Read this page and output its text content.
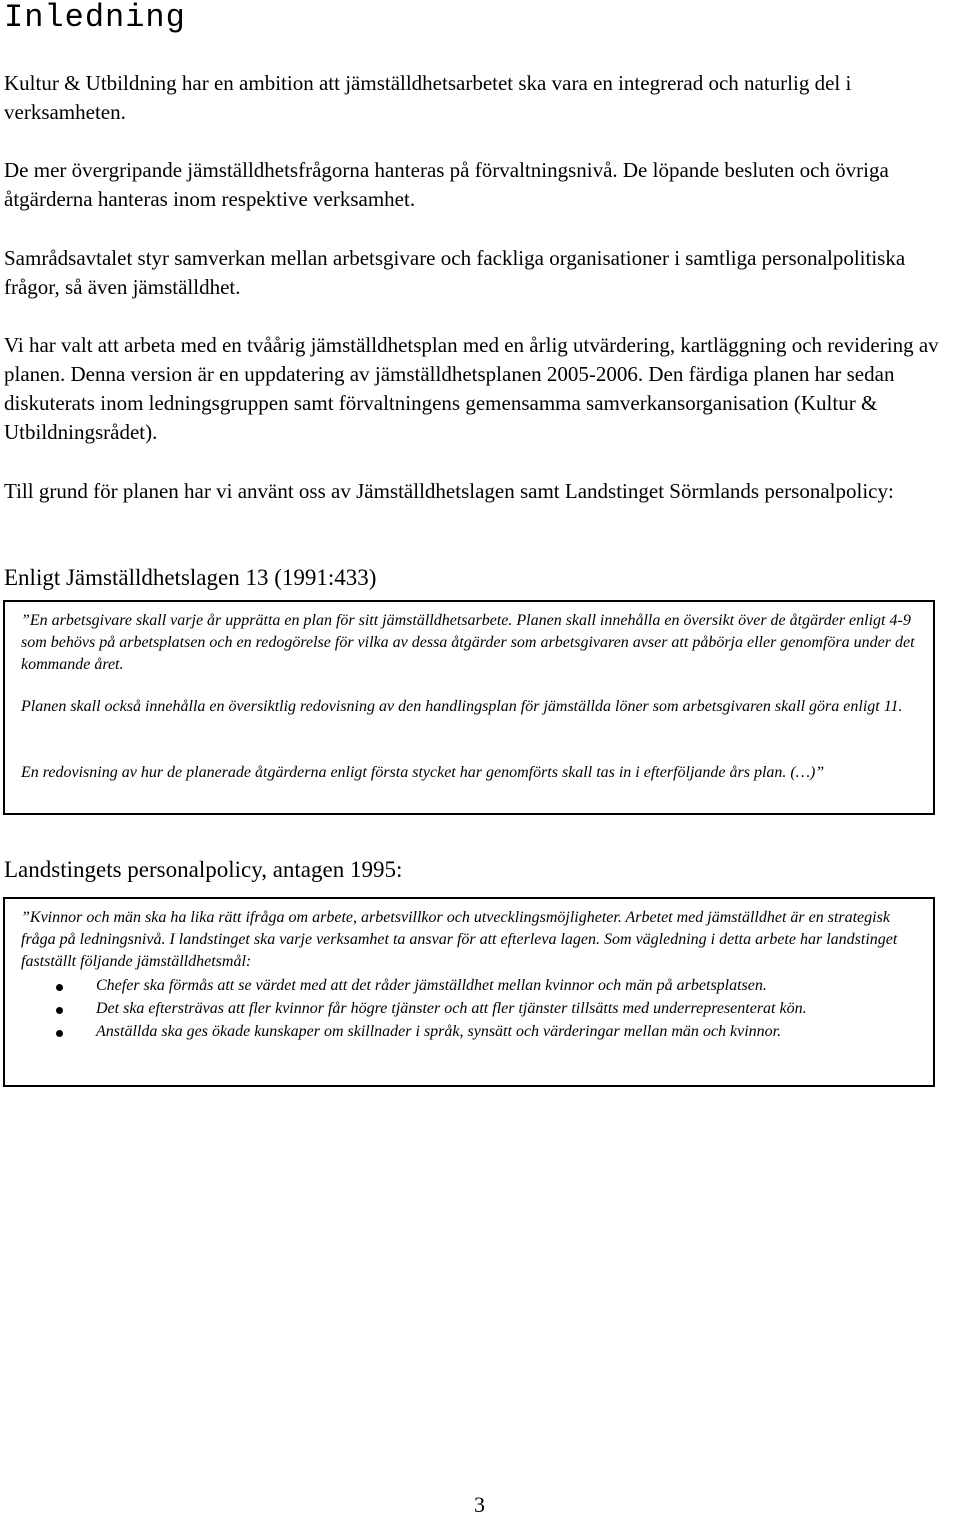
Inledning

Kultur & Utbildning har en ambition att jämställdhetsarbetet ska vara en integrerad och naturlig del i verksamheten.

De mer övergripande jämställdhetsfrågorna hanteras på förvaltningsnivå. De löpande besluten och övriga åtgärderna hanteras inom respektive verksamhet.

Samrådsavtalet styr samverkan mellan arbetsgivare och fackliga organisationer i samtliga personalpolitiska frågor, så även jämställdhet.

Vi har valt att arbeta med en tvåårig jämställdhetsplan med en årlig utvärdering, kartläggning och revidering av planen. Denna version är en uppdatering av jämställdhetsplanen 2005-2006. Den färdiga planen har sedan diskuterats inom ledningsgruppen samt förvaltningens gemensamma samverkansorganisation (Kultur & Utbildningsrådet).

Till grund för planen har vi använt oss av Jämställdhetslagen samt Landstinget Sörmlands personalpolicy:

Enligt Jämställdhetslagen 13 (1991:433)

”En arbetsgivare skall varje år upprätta en plan för sitt jämställdhetsarbete. Planen skall innehålla en översikt över de åtgärder enligt 4-9 som behövs på arbetsplatsen och en redogörelse för vilka av dessa åtgärder som arbetsgivaren avser att påbörja eller genomföra under det kommande året.

Planen skall också innehålla en översiktlig redovisning av den handlingsplan för jämställda löner som arbetsgivaren skall göra enligt 11.

En redovisning av hur de planerade åtgärderna enligt första stycket har genomförts skall tas in i efterföljande års plan. (…)”

Landstingets personalpolicy, antagen 1995:

”Kvinnor och män ska ha lika rätt ifråga om arbete, arbetsvillkor och utvecklingsmöjligheter. Arbetet med jämställdhet är en strategisk fråga på ledningsnivå. I landstinget ska varje verksamhet ta ansvar för att efterleva lagen. Som vägledning i detta arbete har landstinget fastställt följande jämställdhetsmål:

Chefer ska förmås att se värdet med att det råder jämställdhet mellan kvinnor och män på arbetsplatsen.
Det ska eftersträvas att fler kvinnor får högre tjänster och att fler tjänster tillsätts med underrepresenterat kön.
Anställda ska ges ökade kunskaper om skillnader i språk, synsätt och värderingar mellan män och kvinnor.
3
